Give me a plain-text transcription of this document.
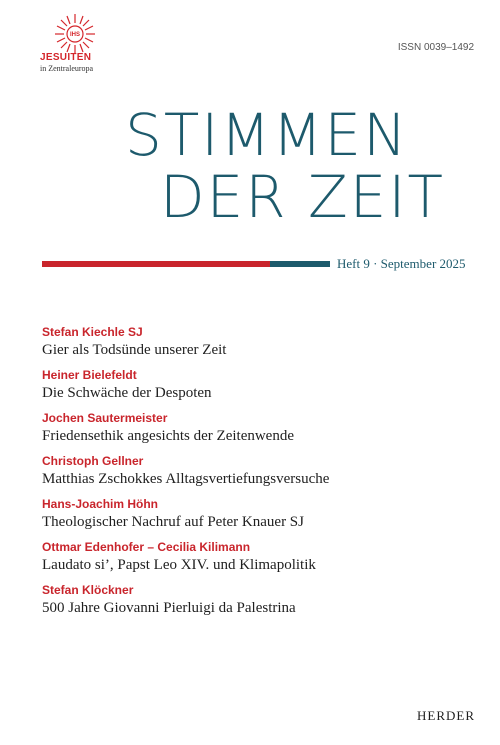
IHS
JESUITEN
in Zentraleuropa
ISSN 0039–1492
STIMMEN
DER ZEIT
Heft 9 · September 2025
Stefan Kiechle SJ
Gier als Todsünde unserer Zeit
Heiner Bielefeldt
Die Schwäche der Despoten
Jochen Sautermeister
Friedensethik angesichts der Zeitenwende
Christoph Gellner
Matthias Zschokkes Alltagsvertiefungsversuche
Hans-Joachim Höhn
Theologischer Nachruf auf Peter Knauer SJ
Ottmar Edenhofer – Cecilia Kilimann
Laudato si’, Papst Leo XIV. und Klimapolitik
Stefan Klöckner
500 Jahre Giovanni Pierluigi da Palestrina
HERDER
